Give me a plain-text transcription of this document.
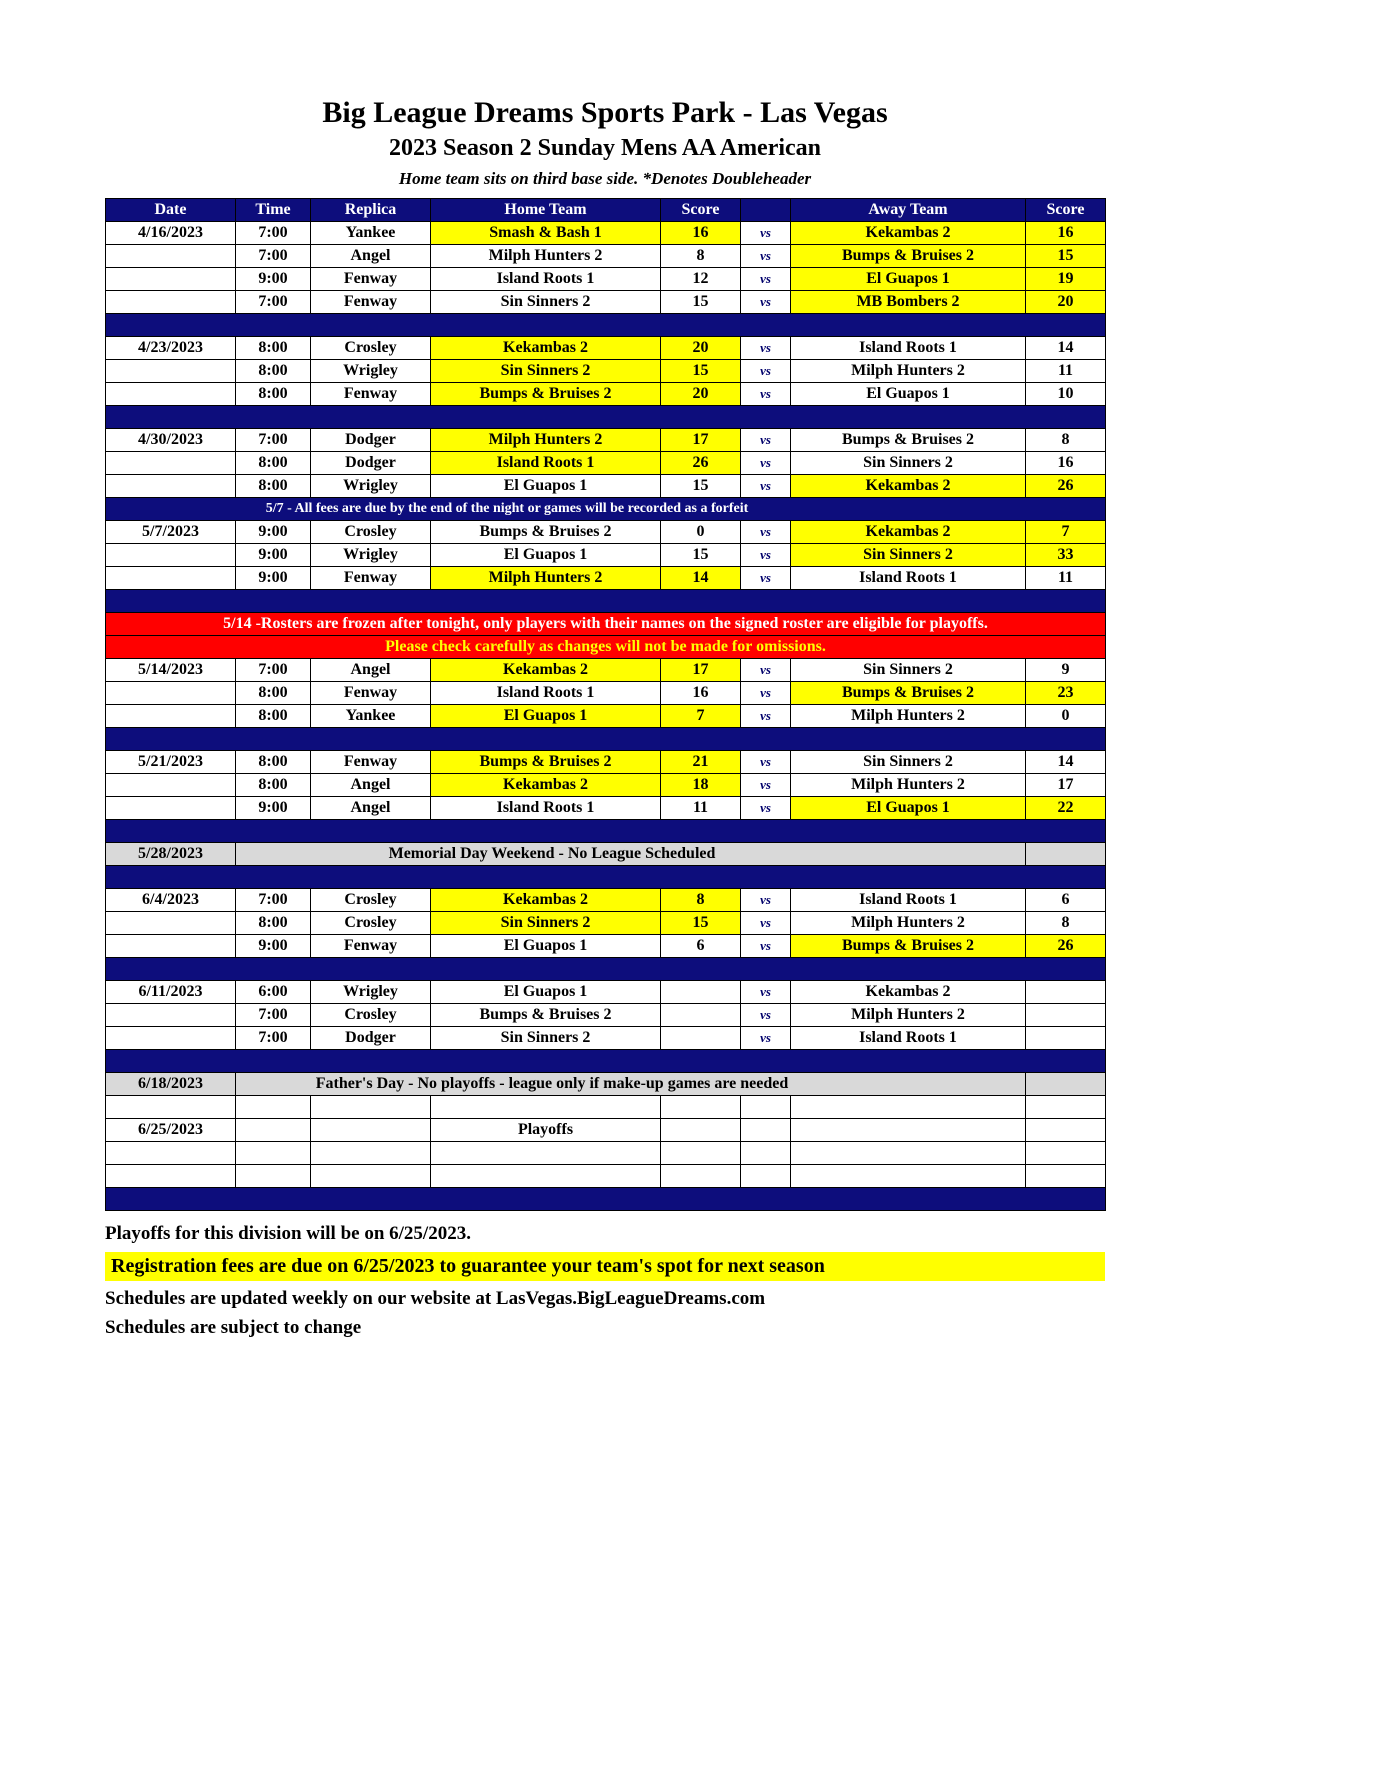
Big League Dreams Sports Park - Las Vegas
2023 Season 2 Sunday Mens AA American
Home team sits on third base side. *Denotes Doubleheader
Date	Time	Replica	Home Team	Score		Away Team	Score
4/16/2023	7:00	Yankee	Smash & Bash 1	16	vs	Kekambas 2	16
	7:00	Angel	Milph Hunters 2	8	vs	Bumps & Bruises 2	15
	9:00	Fenway	Island Roots 1	12	vs	El Guapos 1	19
	7:00	Fenway	Sin Sinners 2	15	vs	MB Bombers 2	20

4/23/2023	8:00	Crosley	Kekambas 2	20	vs	Island Roots 1	14
	8:00	Wrigley	Sin Sinners 2	15	vs	Milph Hunters 2	11
	8:00	Fenway	Bumps & Bruises 2	20	vs	El Guapos 1	10

4/30/2023	7:00	Dodger	Milph Hunters 2	17	vs	Bumps & Bruises 2	8
	8:00	Dodger	Island Roots 1	26	vs	Sin Sinners 2	16
	8:00	Wrigley	El Guapos 1	15	vs	Kekambas 2	26
5/7 - All fees are due by the end of the night or games will be recorded as a forfeit							
5/7/2023	9:00	Crosley	Bumps & Bruises 2	0	vs	Kekambas 2	7
	9:00	Wrigley	El Guapos 1	15	vs	Sin Sinners 2	33
	9:00	Fenway	Milph Hunters 2	14	vs	Island Roots 1	11

5/14 -Rosters are frozen after tonight, only players with their names on the signed roster are eligible for playoffs.							
Please check carefully as changes will not be made for omissions.							
5/14/2023	7:00	Angel	Kekambas 2	17	vs	Sin Sinners 2	9
	8:00	Fenway	Island Roots 1	16	vs	Bumps & Bruises 2	23
	8:00	Yankee	El Guapos 1	7	vs	Milph Hunters 2	0

5/21/2023	8:00	Fenway	Bumps & Bruises 2	21	vs	Sin Sinners 2	14
	8:00	Angel	Kekambas 2	18	vs	Milph Hunters 2	17
	9:00	Angel	Island Roots 1	11	vs	El Guapos 1	22

5/28/2023	Memorial Day Weekend - No League Scheduled						

6/4/2023	7:00	Crosley	Kekambas 2	8	vs	Island Roots 1	6
	8:00	Crosley	Sin Sinners 2	15	vs	Milph Hunters 2	8
	9:00	Fenway	El Guapos 1	6	vs	Bumps & Bruises 2	26

6/11/2023	6:00	Wrigley	El Guapos 1		vs	Kekambas 2	
	7:00	Crosley	Bumps & Bruises 2		vs	Milph Hunters 2	
	7:00	Dodger	Sin Sinners 2		vs	Island Roots 1	

6/18/2023	Father's Day - No playoffs - league only if make-up games are needed						

6/25/2023			Playoffs				

Playoffs for this division will be on 6/25/2023.
Registration fees are due on 6/25/2023 to guarantee your team's spot for next season
Schedules are updated weekly on our website at LasVegas.BigLeagueDreams.com
Schedules are subject to change
